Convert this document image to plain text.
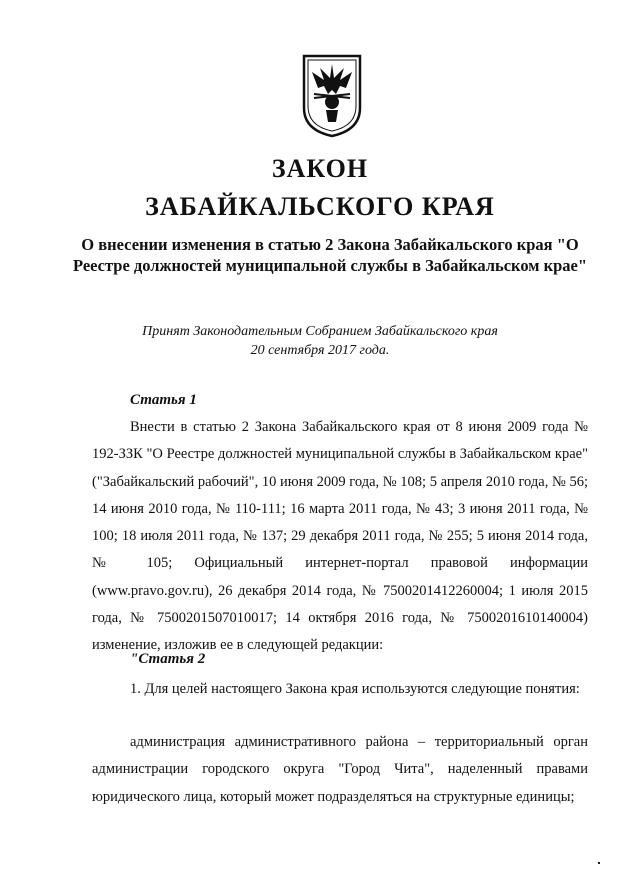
ЗАКОН
ЗАБАЙКАЛЬСКОГО КРАЯ
О внесении изменения в статью 2 Закона Забайкальского края "О Реестре должностей муниципальной службы в Забайкальском крае"
Принят Законодательным Собранием Забайкальского края
20 сентября 2017 года.
Статья 1
Внести в статью 2 Закона Забайкальского края от 8 июня 2009 года № 192-ЗЗК "О Реестре должностей муниципальной службы в Забайкальском крае" ("Забайкальский рабочий", 10 июня 2009 года, № 108; 5 апреля 2010 года, № 56; 14 июня 2010 года, № 110-111; 16 марта 2011 года, № 43; 3 июня 2011 года, № 100; 18 июля 2011 года, № 137; 29 декабря 2011 года, № 255; 5 июня 2014 года, № 105; Официальный интернет-портал правовой информации (www.pravo.gov.ru), 26 декабря 2014 года, № 7500201412260004; 1 июля 2015 года, № 7500201507010017; 14 октября 2016 года, № 7500201610140004) изменение, изложив ее в следующей редакции:
"Статья 2
1. Для целей настоящего Закона края используются следующие понятия:
администрация административного района – территориальный орган администрации городского округа "Город Чита", наделенный правами юридического лица, который может подразделяться на структурные единицы;
